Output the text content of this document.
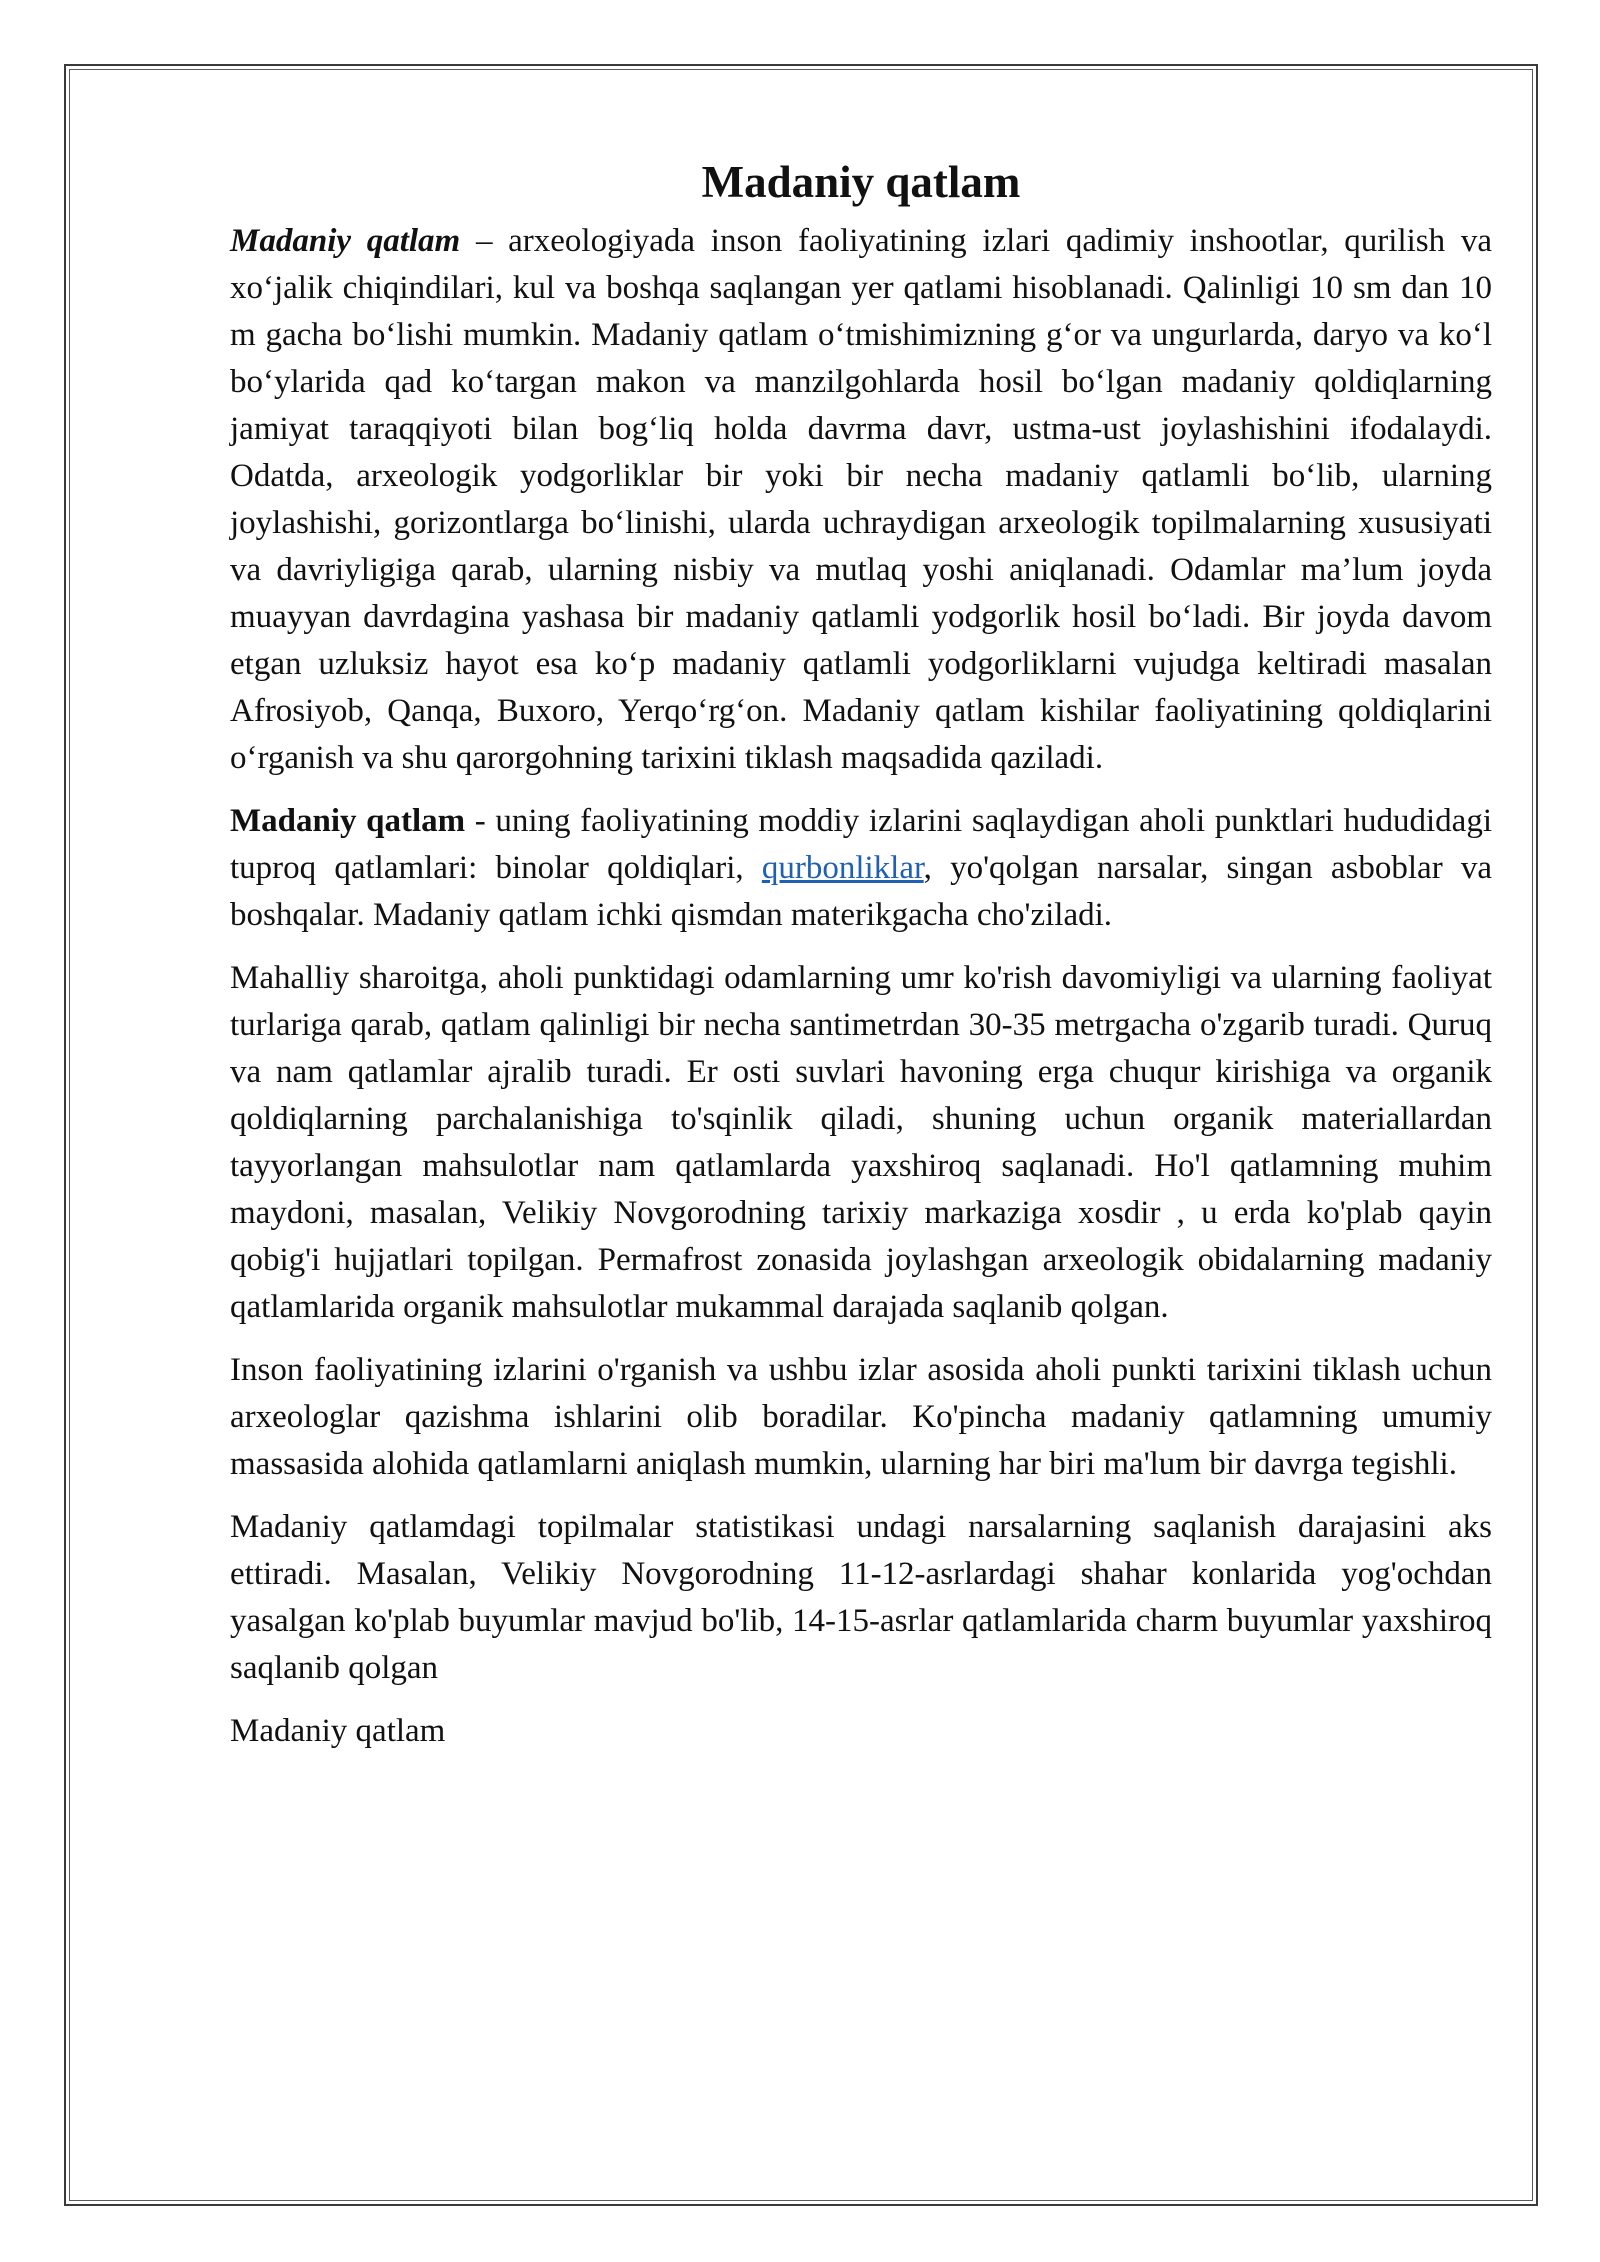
Madaniy qatlam

Madaniy qatlam – arxeologiyada inson faoliyatining izlari qadimiy inshootlar, qurilish va xo‘jalik chiqindilari, kul va boshqa saqlangan yer qatlami hisoblanadi. Qalinligi 10 sm dan 10 m gacha bo‘lishi mumkin. Madaniy qatlam o‘tmishimizning g‘or va ungurlarda, daryo va ko‘l bo‘ylarida qad ko‘targan makon va manzilgohlarda hosil bo‘lgan madaniy qoldiqlarning jamiyat taraqqiyoti bilan bog‘liq holda davrma davr, ustma-ust joylashishini ifodalaydi. Odatda, arxeologik yodgorliklar bir yoki bir necha madaniy qatlamli bo‘lib, ularning joylashishi, gorizontlarga bo‘linishi, ularda uchraydigan arxeologik topilmalarning xususiyati va davriyligiga qarab, ularning nisbiy va mutlaq yoshi aniqlanadi. Odamlar ma’lum joyda muayyan davrdagina yashasa bir madaniy qatlamli yodgorlik hosil bo‘ladi. Bir joyda davom etgan uzluksiz hayot esa ko‘p madaniy qatlamli yodgorliklarni vujudga keltiradi masalan Afrosiyob, Qanqa, Buxoro, Yerqo‘rg‘on. Madaniy qatlam kishilar faoliyatining qoldiqlarini o‘rganish va shu qarorgohning tarixini tiklash maqsadida qaziladi.

Madaniy qatlam - uning faoliyatining moddiy izlarini saqlaydigan aholi punktlari hududidagi tuproq qatlamlari: binolar qoldiqlari, qurbonliklar, yo'qolgan narsalar, singan asboblar va boshqalar. Madaniy qatlam ichki qismdan materikgacha cho'ziladi.

Mahalliy sharoitga, aholi punktidagi odamlarning umr ko'rish davomiyligi va ularning faoliyat turlariga qarab, qatlam qalinligi bir necha santimetrdan 30-35 metrgacha o'zgarib turadi. Quruq va nam qatlamlar ajralib turadi. Er osti suvlari havoning erga chuqur kirishiga va organik qoldiqlarning parchalanishiga to'sqinlik qiladi, shuning uchun organik materiallardan tayyorlangan mahsulotlar nam qatlamlarda yaxshiroq saqlanadi. Ho'l qatlamning muhim maydoni, masalan, Velikiy Novgorodning tarixiy markaziga xosdir , u erda ko'plab qayin qobig'i hujjatlari topilgan. Permafrost zonasida joylashgan arxeologik obidalarning madaniy qatlamlarida organik mahsulotlar mukammal darajada saqlanib qolgan.

Inson faoliyatining izlarini o'rganish va ushbu izlar asosida aholi punkti tarixini tiklash uchun arxeologlar qazishma ishlarini olib boradilar. Ko'pincha madaniy qatlamning umumiy massasida alohida qatlamlarni aniqlash mumkin, ularning har biri ma'lum bir davrga tegishli.

Madaniy qatlamdagi topilmalar statistikasi undagi narsalarning saqlanish darajasini aks ettiradi. Masalan, Velikiy Novgorodning 11-12-asrlardagi shahar konlarida yog'ochdan yasalgan ko'plab buyumlar mavjud bo'lib, 14-15-asrlar qatlamlarida charm buyumlar yaxshiroq saqlanib qolgan

Madaniy qatlam
